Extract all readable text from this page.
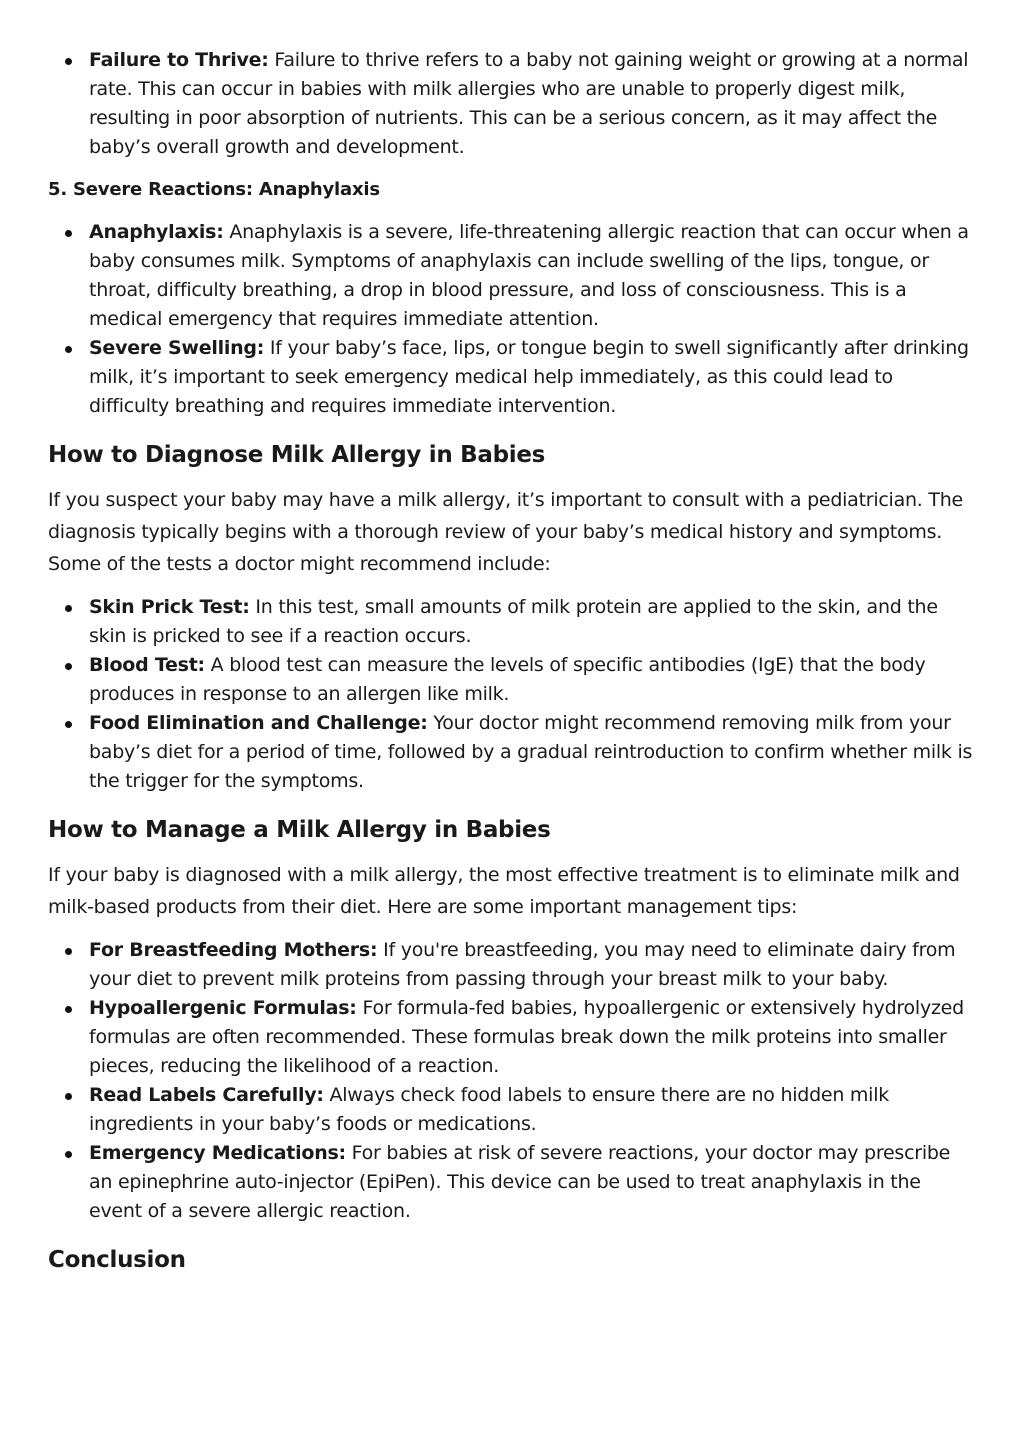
Failure to Thrive: Failure to thrive refers to a baby not gaining weight or growing at a normal rate. This can occur in babies with milk allergies who are unable to properly digest milk, resulting in poor absorption of nutrients. This can be a serious concern, as it may affect the baby’s overall growth and development.
5. Severe Reactions: Anaphylaxis
Anaphylaxis: Anaphylaxis is a severe, life-threatening allergic reaction that can occur when a baby consumes milk. Symptoms of anaphylaxis can include swelling of the lips, tongue, or throat, difficulty breathing, a drop in blood pressure, and loss of consciousness. This is a medical emergency that requires immediate attention.
Severe Swelling: If your baby’s face, lips, or tongue begin to swell significantly after drinking milk, it’s important to seek emergency medical help immediately, as this could lead to difficulty breathing and requires immediate intervention.
How to Diagnose Milk Allergy in Babies

If you suspect your baby may have a milk allergy, it’s important to consult with a pediatrician. The diagnosis typically begins with a thorough review of your baby’s medical history and symptoms. Some of the tests a doctor might recommend include:

Skin Prick Test: In this test, small amounts of milk protein are applied to the skin, and the skin is pricked to see if a reaction occurs.
Blood Test: A blood test can measure the levels of specific antibodies (IgE) that the body produces in response to an allergen like milk.
Food Elimination and Challenge: Your doctor might recommend removing milk from your baby’s diet for a period of time, followed by a gradual reintroduction to confirm whether milk is the trigger for the symptoms.
How to Manage a Milk Allergy in Babies

If your baby is diagnosed with a milk allergy, the most effective treatment is to eliminate milk and milk-based products from their diet. Here are some important management tips:

For Breastfeeding Mothers: If you're breastfeeding, you may need to eliminate dairy from your diet to prevent milk proteins from passing through your breast milk to your baby.
Hypoallergenic Formulas: For formula-fed babies, hypoallergenic or extensively hydrolyzed formulas are often recommended. These formulas break down the milk proteins into smaller pieces, reducing the likelihood of a reaction.
Read Labels Carefully: Always check food labels to ensure there are no hidden milk ingredients in your baby’s foods or medications.
Emergency Medications: For babies at risk of severe reactions, your doctor may prescribe an epinephrine auto-injector (EpiPen). This device can be used to treat anaphylaxis in the event of a severe allergic reaction.
Conclusion
